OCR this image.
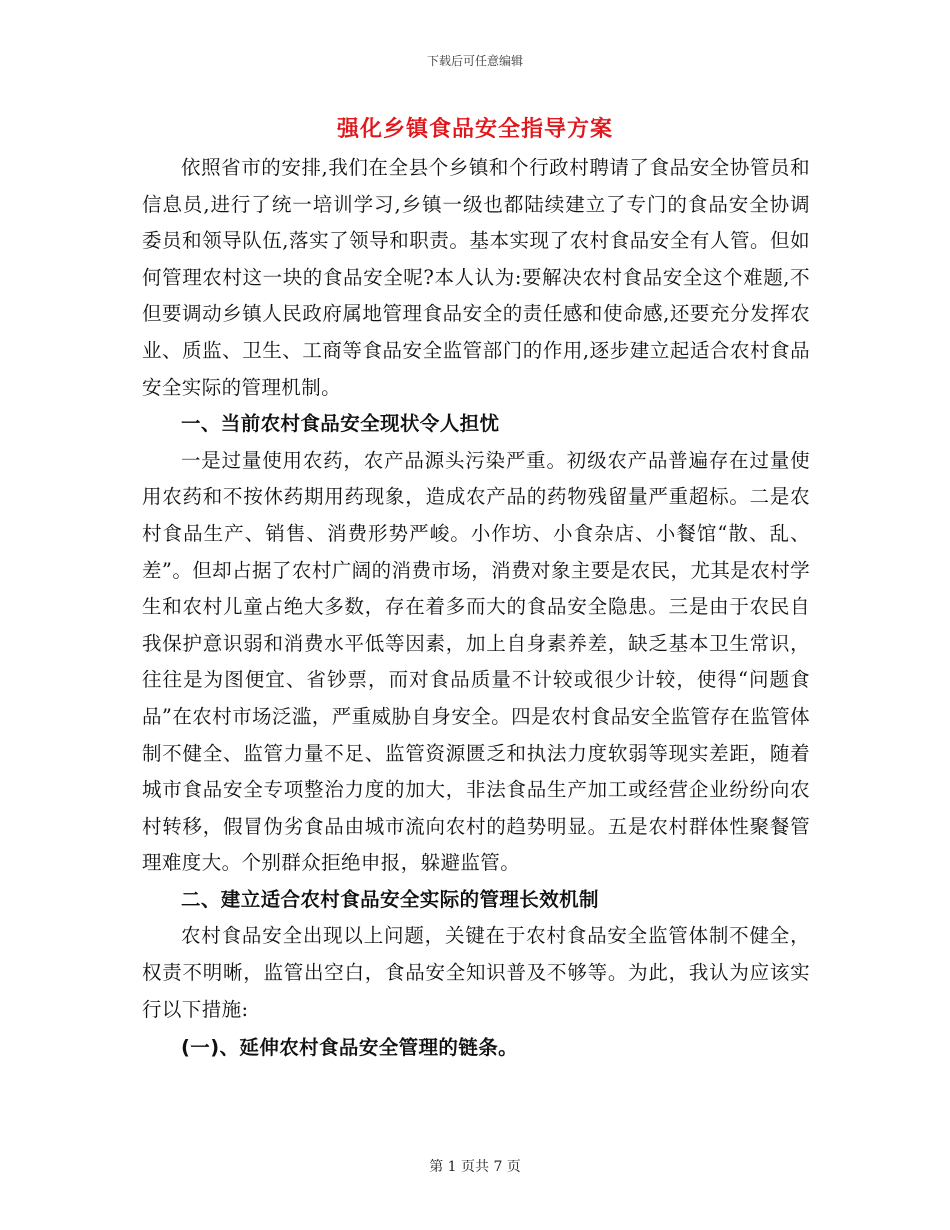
下载后可任意编辑
强化乡镇食品安全指导方案

依照省市的安排,我们在全县个乡镇和个行政村聘请了食品安全协管员和信息员,进行了统一培训学习,乡镇一级也都陆续建立了专门的食品安全协调委员和领导队伍,落实了领导和职责。基本实现了农村食品安全有人管。但如何管理农村这一块的食品安全呢?本人认为:要解决农村食品安全这个难题,不但要调动乡镇人民政府属地管理食品安全的责任感和使命感,还要充分发挥农业、质监、卫生、工商等食品安全监管部门的作用,逐步建立起适合农村食品安全实际的管理机制。

一、当前农村食品安全现状令人担忧

一是过量使用农药，农产品源头污染严重。初级农产品普遍存在过量使用农药和不按休药期用药现象，造成农产品的药物残留量严重超标。二是农村食品生产、销售、消费形势严峻。小作坊、小食杂店、小餐馆“散、乱、差”。但却占据了农村广阔的消费市场，消费对象主要是农民，尤其是农村学生和农村儿童占绝大多数，存在着多而大的食品安全隐患。三是由于农民自我保护意识弱和消费水平低等因素，加上自身素养差，缺乏基本卫生常识，往往是为图便宜、省钞票，而对食品质量不计较或很少计较，使得“问题食品”在农村市场泛滥，严重威胁自身安全。四是农村食品安全监管存在监管体制不健全、监管力量不足、监管资源匮乏和执法力度软弱等现实差距，随着城市食品安全专项整治力度的加大，非法食品生产加工或经营企业纷纷向农村转移，假冒伪劣食品由城市流向农村的趋势明显。五是农村群体性聚餐管理难度大。个别群众拒绝申报，躲避监管。

二、建立适合农村食品安全实际的管理长效机制

农村食品安全出现以上问题，关键在于农村食品安全监管体制不健全，权责不明晰，监管出空白，食品安全知识普及不够等。为此，我认为应该实行以下措施:

(一)、延伸农村食品安全管理的链条。

第 1 页共 7 页
